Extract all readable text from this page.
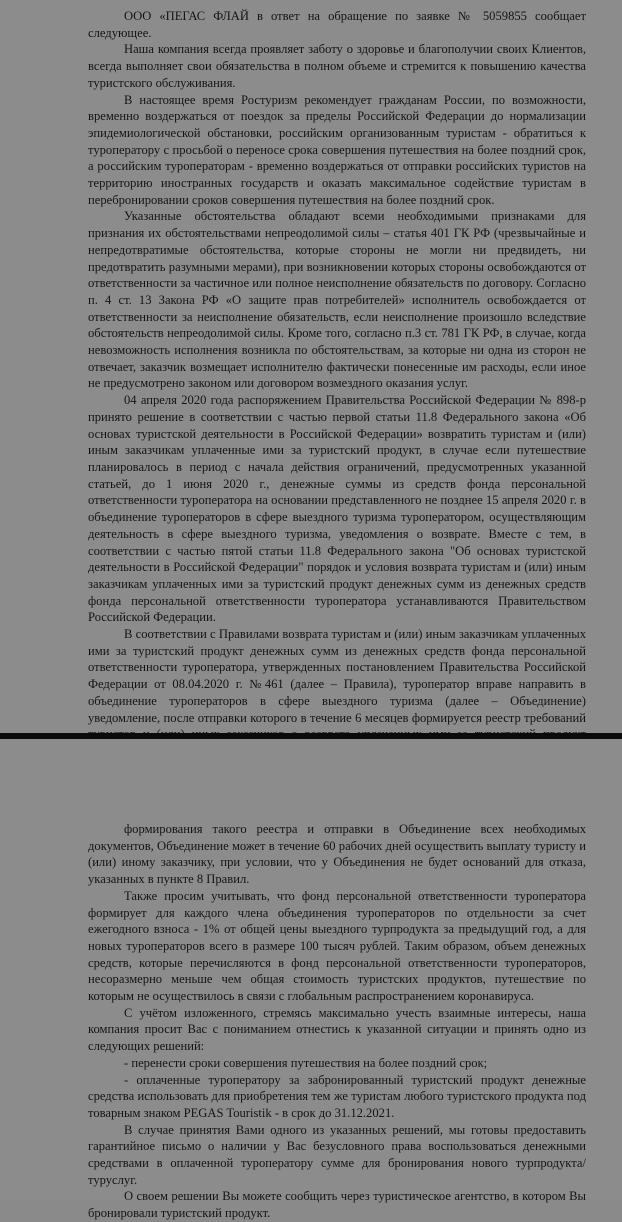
ООО «ПЕГАС ФЛАЙ в ответ на обращение по заявке № 5059855 сообщает следующее.

Наша компания всегда проявляет заботу о здоровье и благополучии своих Клиентов, всегда выполняет свои обязательства в полном объеме и стремится к повышению качества туристского обслуживания.

В настоящее время Ростуризм рекомендует гражданам России, по возможности, временно воздержаться от поездок за пределы Российской Федерации до нормализации эпидемиологической обстановки, российским организованным туристам - обратиться к туроператору с просьбой о переносе срока совершения путешествия на более поздний срок, а российским туроператорам - временно воздержаться от отправки российских туристов на территорию иностранных государств и оказать максимальное содействие туристам в перебронировании сроков совершения путешествия на более поздний срок.

Указанные обстоятельства обладают всеми необходимыми признаками для признания их обстоятельствами непреодолимой силы – статья 401 ГК РФ (чрезвычайные и непредотвратимые обстоятельства, которые стороны не могли ни предвидеть, ни предотвратить разумными мерами), при возникновении которых стороны освобождаются от ответственности за частичное или полное неисполнение обязательств по договору. Согласно п. 4 ст. 13 Закона РФ «О защите прав потребителей» исполнитель освобождается от ответственности за неисполнение обязательств, если неисполнение произошло вследствие обстоятельств непреодолимой силы. Кроме того, согласно п.3 ст. 781 ГК РФ, в случае, когда невозможность исполнения возникла по обстоятельствам, за которые ни одна из сторон не отвечает, заказчик возмещает исполнителю фактически понесенные им расходы, если иное не предусмотрено законом или договором возмездного оказания услуг.

04 апреля 2020 года распоряжением Правительства Российской Федерации № 898-р принято решение в соответствии с частью первой статьи 11.8 Федерального закона «Об основах туристской деятельности в Российской Федерации» возвратить туристам и (или) иным заказчикам уплаченные ими за туристский продукт, в случае если путешествие планировалось в период с начала действия ограничений, предусмотренных указанной статьей, до 1 июня 2020 г., денежные суммы из средств фонда персональной ответственности туроператора на основании представленного не позднее 15 апреля 2020 г. в объединение туроператоров в сфере выездного туризма туроператором, осуществляющим деятельность в сфере выездного туризма, уведомления о возврате. Вместе с тем, в соответствии с частью пятой статьи 11.8 Федерального закона "Об основах туристской деятельности в Российской Федерации" порядок и условия возврата туристам и (или) иным заказчикам уплаченных ими за туристский продукт денежных сумм из денежных средств фонда персональной ответственности туроператора устанавливаются Правительством Российской Федерации.

В соответствии с Правилами возврата туристам и (или) иным заказчикам уплаченных ими за туристский продукт денежных сумм из денежных средств фонда персональной ответственности туроператора, утвержденных постановлением Правительства Российской Федерации от 08.04.2020 г. №461 (далее – Правила), туроператор вправе направить в объединение туроператоров в сфере выездного туризма (далее – Объединение) уведомление, после отправки которого в течение 6 месяцев формируется реестр требований

формирования такого реестра и отправки в Объединение всех необходимых документов, Объединение может в течение 60 рабочих дней осуществить выплату туристу и (или) иному заказчику, при условии, что у Объединения не будет оснований для отказа, указанных в пункте 8 Правил.

Также просим учитывать, что фонд персональной ответственности туроператора формирует для каждого члена объединения туроператоров по отдельности за счет ежегодного взноса - 1% от общей цены выездного турпродукта за предыдущий год, а для новых туроператоров всего в размере 100 тысяч рублей. Таким образом, объем денежных средств, которые перечисляются в фонд персональной ответственности туроператоров, несоразмерно меньше чем общая стоимость туристских продуктов, путешествие по которым не осуществилось в связи с глобальным распространением коронавируса.

С учётом изложенного, стремясь максимально учесть взаимные интересы, наша компания просит Вас с пониманием отнестись к указанной ситуации и принять одно из следующих решений:

- перенести сроки совершения путешествия на более поздний срок;

- оплаченные туроператору за забронированный туристский продукт денежные средства использовать для приобретения тем же туристам любого туристского продукта под товарным знаком PEGAS Touristik - в срок до 31.12.2021.

В случае принятия Вами одного из указанных решений, мы готовы предоставить гарантийное письмо о наличии у Вас безусловного права воспользоваться денежными средствами в оплаченной туроператору сумме для бронирования нового турпродукта/туруслуг.

О своем решении Вы можете сообщить через туристическое агентство, в котором Вы бронировали туристский продукт.
